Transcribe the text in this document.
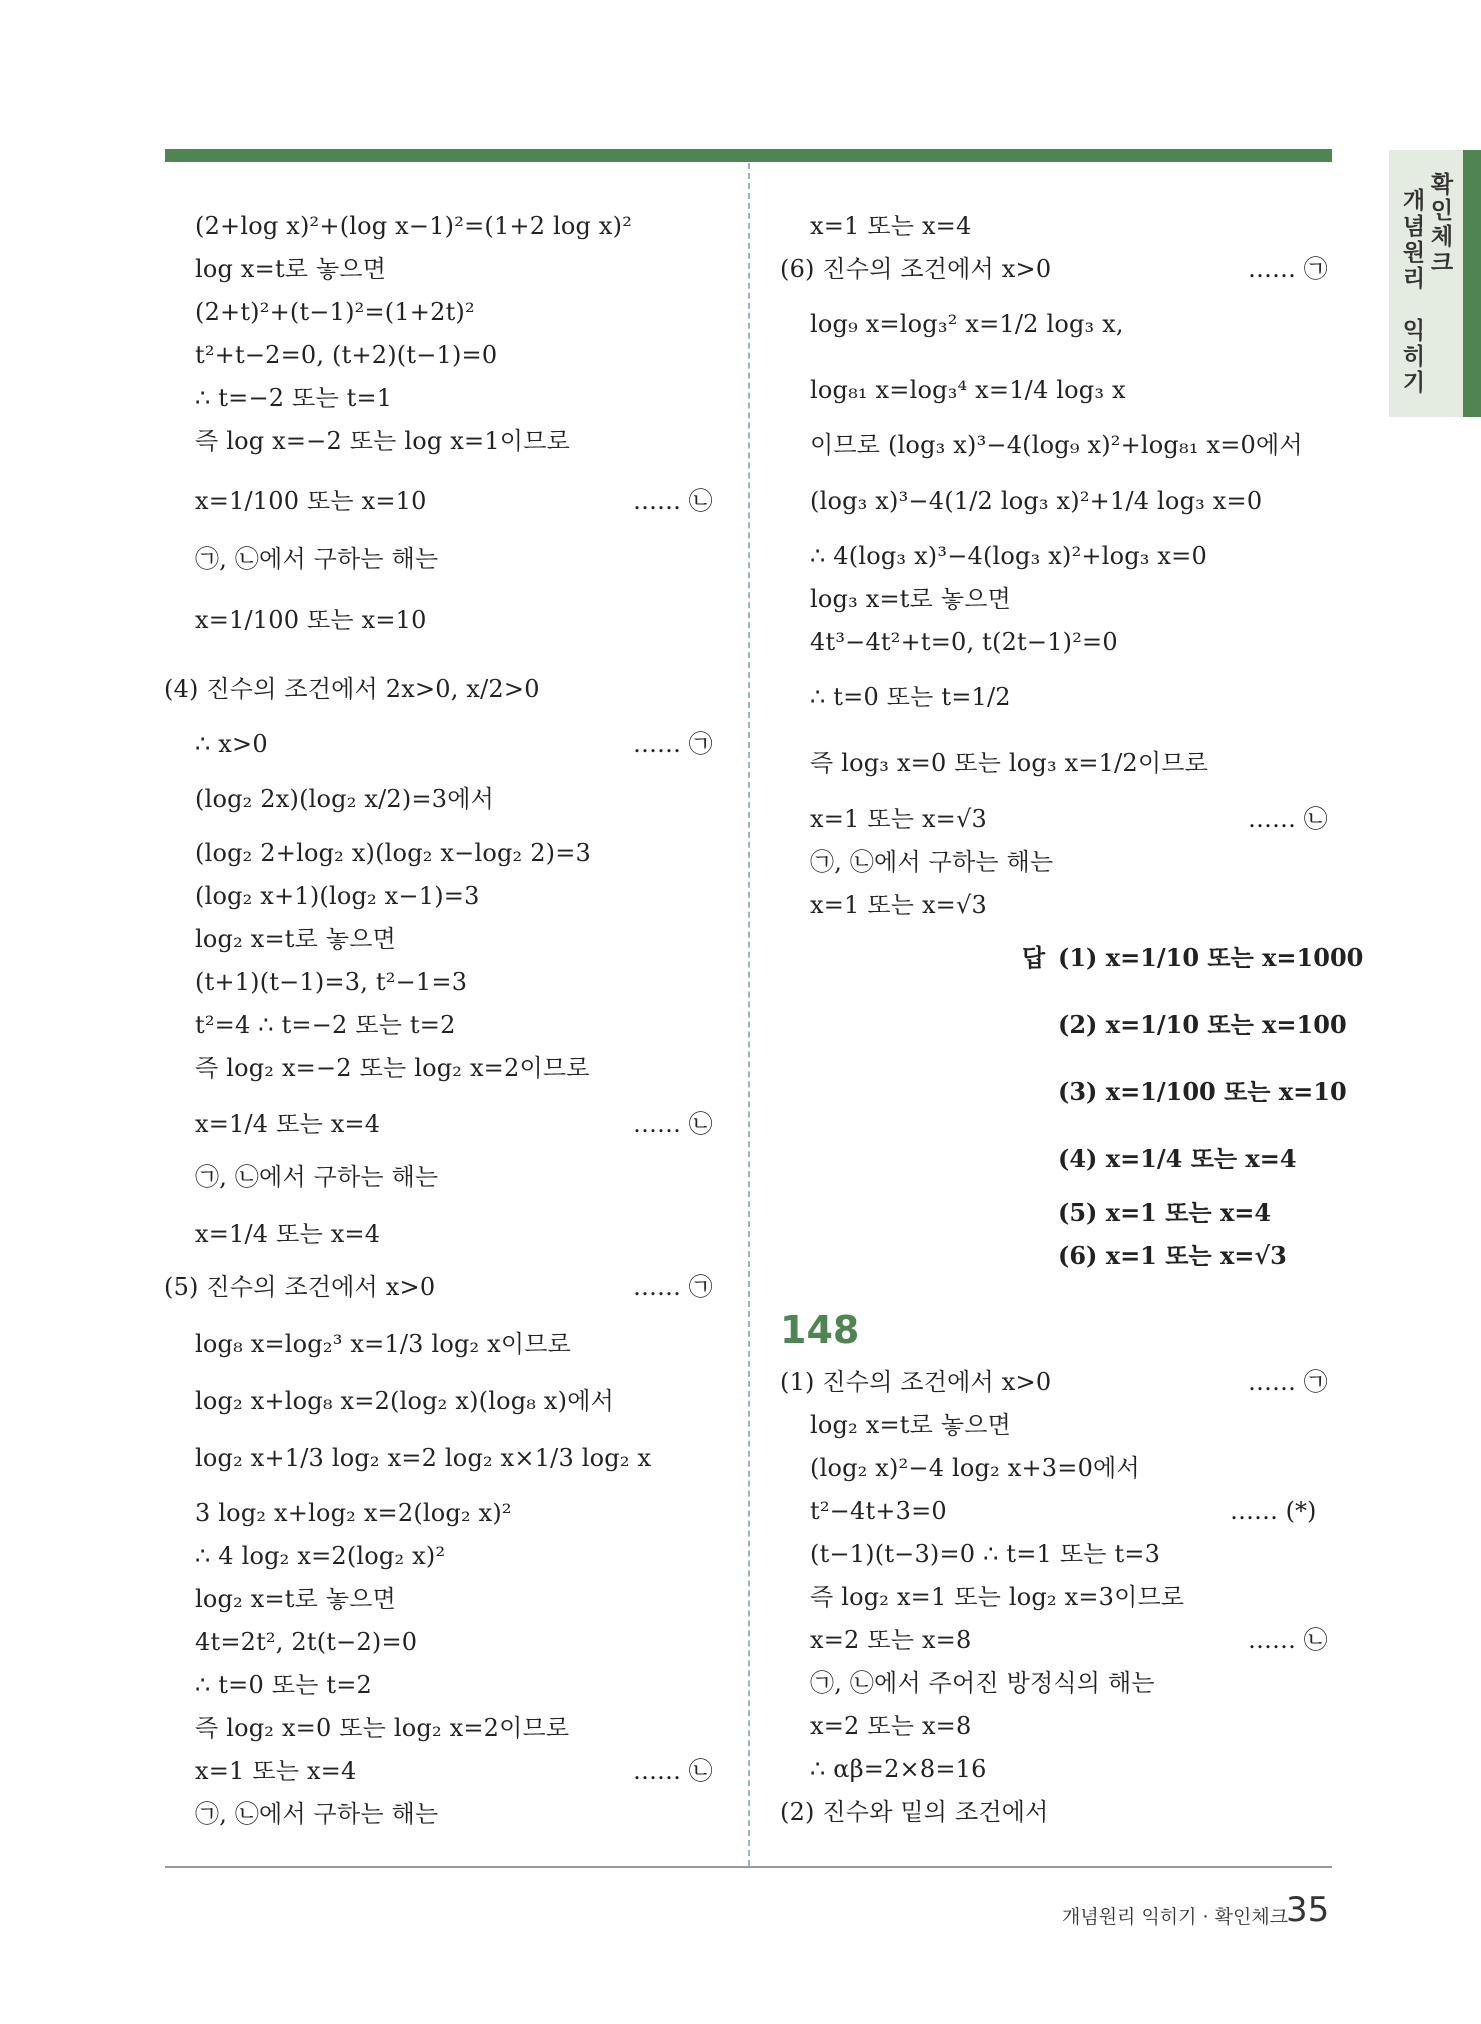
개
념
원
리

익
히
기
확
인
체
크
(2+log x)²+(log x−1)²=(1+2 log x)²
log x=t로 놓으면
(2+t)²+(t−1)²=(1+2t)²
t²+t−2=0, (t+2)(t−1)=0
∴ t=−2 또는 t=1
즉 log x=−2 또는 log x=1이므로
x=1/100 또는 x=10	…… ㉡
㉠, ㉡에서 구하는 해는
x=1/100 또는 x=10
(4) 진수의 조건에서 2x>0, x/2>0
∴ x>0	…… ㉠
(log₂ 2x)(log₂ x/2)=3에서
(log₂ 2+log₂ x)(log₂ x−log₂ 2)=3
(log₂ x+1)(log₂ x−1)=3
log₂ x=t로 놓으면
(t+1)(t−1)=3, t²−1=3
t²=4 ∴ t=−2 또는 t=2
즉 log₂ x=−2 또는 log₂ x=2이므로
x=1/4 또는 x=4	…… ㉡
㉠, ㉡에서 구하는 해는
x=1/4 또는 x=4
(5) 진수의 조건에서 x>0	…… ㉠
log₈ x=log₂³ x=1/3 log₂ x이므로
log₂ x+log₈ x=2(log₂ x)(log₈ x)에서
log₂ x+1/3 log₂ x=2 log₂ x×1/3 log₂ x
3 log₂ x+log₂ x=2(log₂ x)²
∴ 4 log₂ x=2(log₂ x)²
log₂ x=t로 놓으면
4t=2t², 2t(t−2)=0
∴ t=0 또는 t=2
즉 log₂ x=0 또는 log₂ x=2이므로
x=1 또는 x=4	…… ㉡
㉠, ㉡에서 구하는 해는
x=1 또는 x=4
(6) 진수의 조건에서 x>0	…… ㉠
log₉ x=log₃² x=1/2 log₃ x,
log₈₁ x=log₃⁴ x=1/4 log₃ x
이므로 (log₃ x)³−4(log₉ x)²+log₈₁ x=0에서
(log₃ x)³−4(1/2 log₃ x)²+1/4 log₃ x=0
∴ 4(log₃ x)³−4(log₃ x)²+log₃ x=0
log₃ x=t로 놓으면
4t³−4t²+t=0, t(2t−1)²=0
∴ t=0 또는 t=1/2
즉 log₃ x=0 또는 log₃ x=1/2이므로
x=1 또는 x=√3	…… ㉡
㉠, ㉡에서 구하는 해는
x=1 또는 x=√3
답 (1) x=1/10 또는 x=1000
(2) x=1/10 또는 x=100
(3) x=1/100 또는 x=10
(4) x=1/4 또는 x=4
(5) x=1 또는 x=4
(6) x=1 또는 x=√3
148
(1) 진수의 조건에서 x>0	…… ㉠
log₂ x=t로 놓으면
(log₂ x)²−4 log₂ x+3=0에서
t²−4t+3=0	…… (*)
(t−1)(t−3)=0 ∴ t=1 또는 t=3
즉 log₂ x=1 또는 log₂ x=3이므로
x=2 또는 x=8	…… ㉡
㉠, ㉡에서 주어진 방정식의 해는
x=2 또는 x=8
∴ αβ=2×8=16
(2) 진수와 밑의 조건에서
개념원리 익히기 · 확인체크
35
